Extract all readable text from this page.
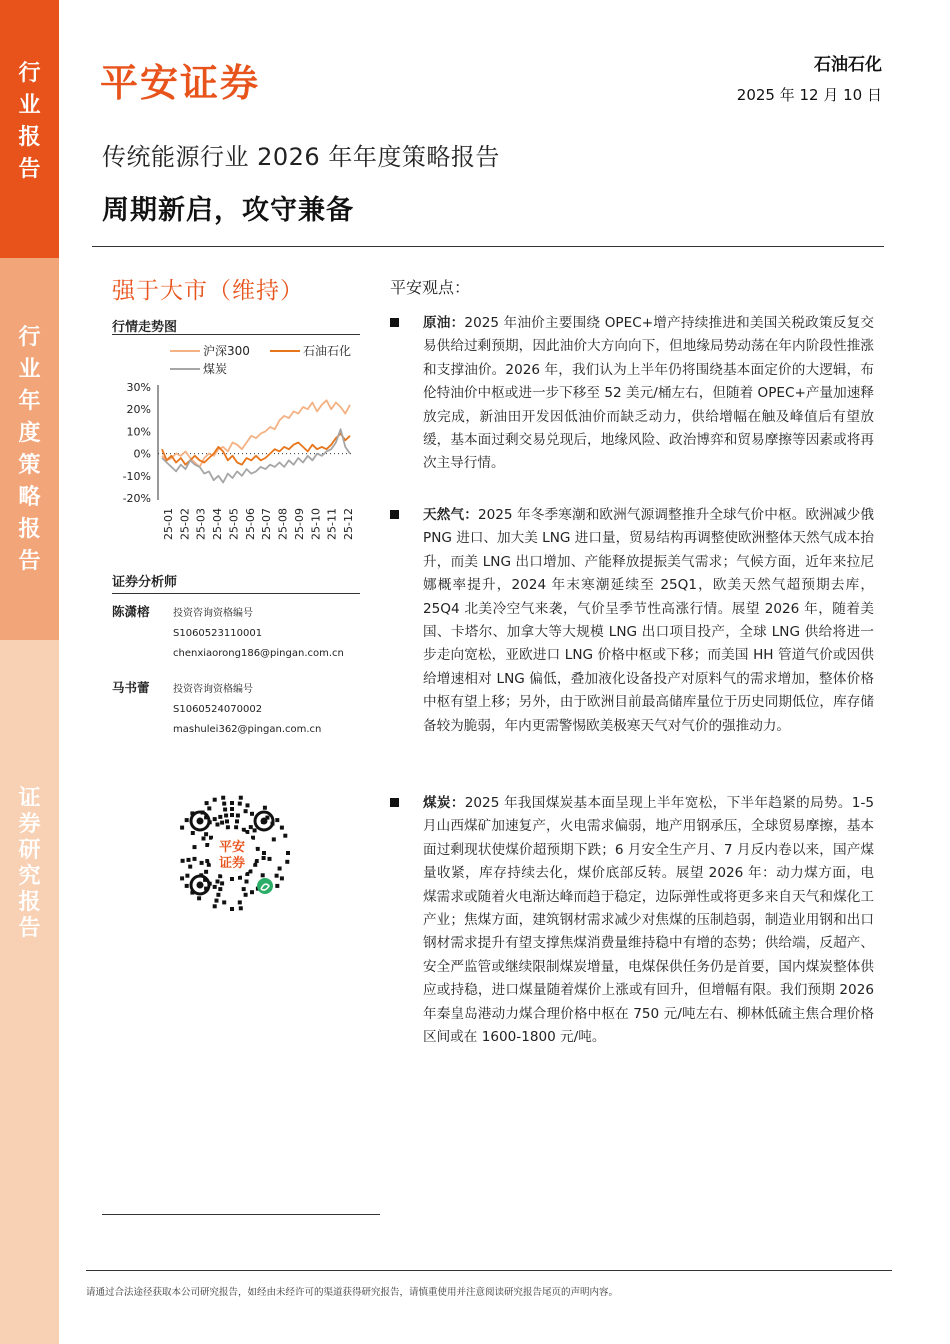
行
业
报
告
行
业
年
度
策
略
报
告
证
券
研
究
报
告
平安证券	石油石化
2025 年 12 月 10 日
传统能源行业 2026 年年度策略报告
周期新启，攻守兼备
强于大市（维持）
行情走势图
沪深300	石油石化
煤炭
30%
20%
10%
0%
-10%
-20%
25-01 25-02 25-03 25-04 25-05 25-06 25-07 25-08 25-09 25-10 25-11 25-12
证券分析师
陈潇榕 投资咨询资格编号
S1060523110001
chenxiaorong186@pingan.com.cn
马书蕾 投资咨询资格编号
S1060524070002
mashulei362@pingan.com.cn
平安
证券
请通过合法途径获取本公司研究报告，如经由未经许可的渠道获得研究报告，请慎重使用并注意阅读研究报告尾页的声明内容。
平安观点：

原油：2025 年油价主要围绕 OPEC+增产持续推进和美国关税政策反复交易供给过剩预期，因此油价大方向向下，但地缘局势动荡在年内阶段性推涨和支撑油价。2026 年，我们认为上半年仍将围绕基本面定价的大逻辑，布伦特油价中枢或进一步下移至 52 美元/桶左右，但随着 OPEC+产量加速释放完成，新油田开发因低油价而缺乏动力，供给增幅在触及峰值后有望放缓，基本面过剩交易兑现后，地缘风险、政治博弈和贸易摩擦等因素或将再次主导行情。

天然气：2025 年冬季寒潮和欧洲气源调整推升全球气价中枢。欧洲减少俄 PNG 进口、加大美 LNG 进口量，贸易结构再调整使欧洲整体天然气成本抬升，而美 LNG 出口增加、产能释放提振美气需求；气候方面，近年来拉尼娜概率提升，2024 年末寒潮延续至 25Q1，欧美天然气超预期去库，25Q4 北美冷空气来袭，气价呈季节性高涨行情。展望 2026 年，随着美国、卡塔尔、加拿大等大规模 LNG 出口项目投产，全球 LNG 供给将进一步走向宽松，亚欧进口 LNG 价格中枢或下移；而美国 HH 管道气价或因供给增速相对 LNG 偏低，叠加液化设备投产对原料气的需求增加，整体价格中枢有望上移；另外，由于欧洲目前最高储库量位于历史同期低位，库存储备较为脆弱，年内更需警惕欧美极寒天气对气价的强推动力。

煤炭：2025 年我国煤炭基本面呈现上半年宽松，下半年趋紧的局势。1-5 月山西煤矿加速复产，火电需求偏弱，地产用钢承压，全球贸易摩擦，基本面过剩现状使煤价超预期下跌；6 月安全生产月、7 月反内卷以来，国产煤量收紧，库存持续去化，煤价底部反转。展望 2026 年：动力煤方面，电煤需求或随着火电渐达峰而趋于稳定，边际弹性或将更多来自天气和煤化工产业；焦煤方面，建筑钢材需求减少对焦煤的压制趋弱，制造业用钢和出口钢材需求提升有望支撑焦煤消费量维持稳中有增的态势；供给端，反超产、安全严监管或继续限制煤炭增量，电煤保供任务仍是首要，国内煤炭整体供应或持稳，进口煤量随着煤价上涨或有回升，但增幅有限。我们预期 2026 年秦皇岛港动力煤合理价格中枢在 750 元/吨左右、柳林低硫主焦合理价格区间或在 1600-1800 元/吨。
